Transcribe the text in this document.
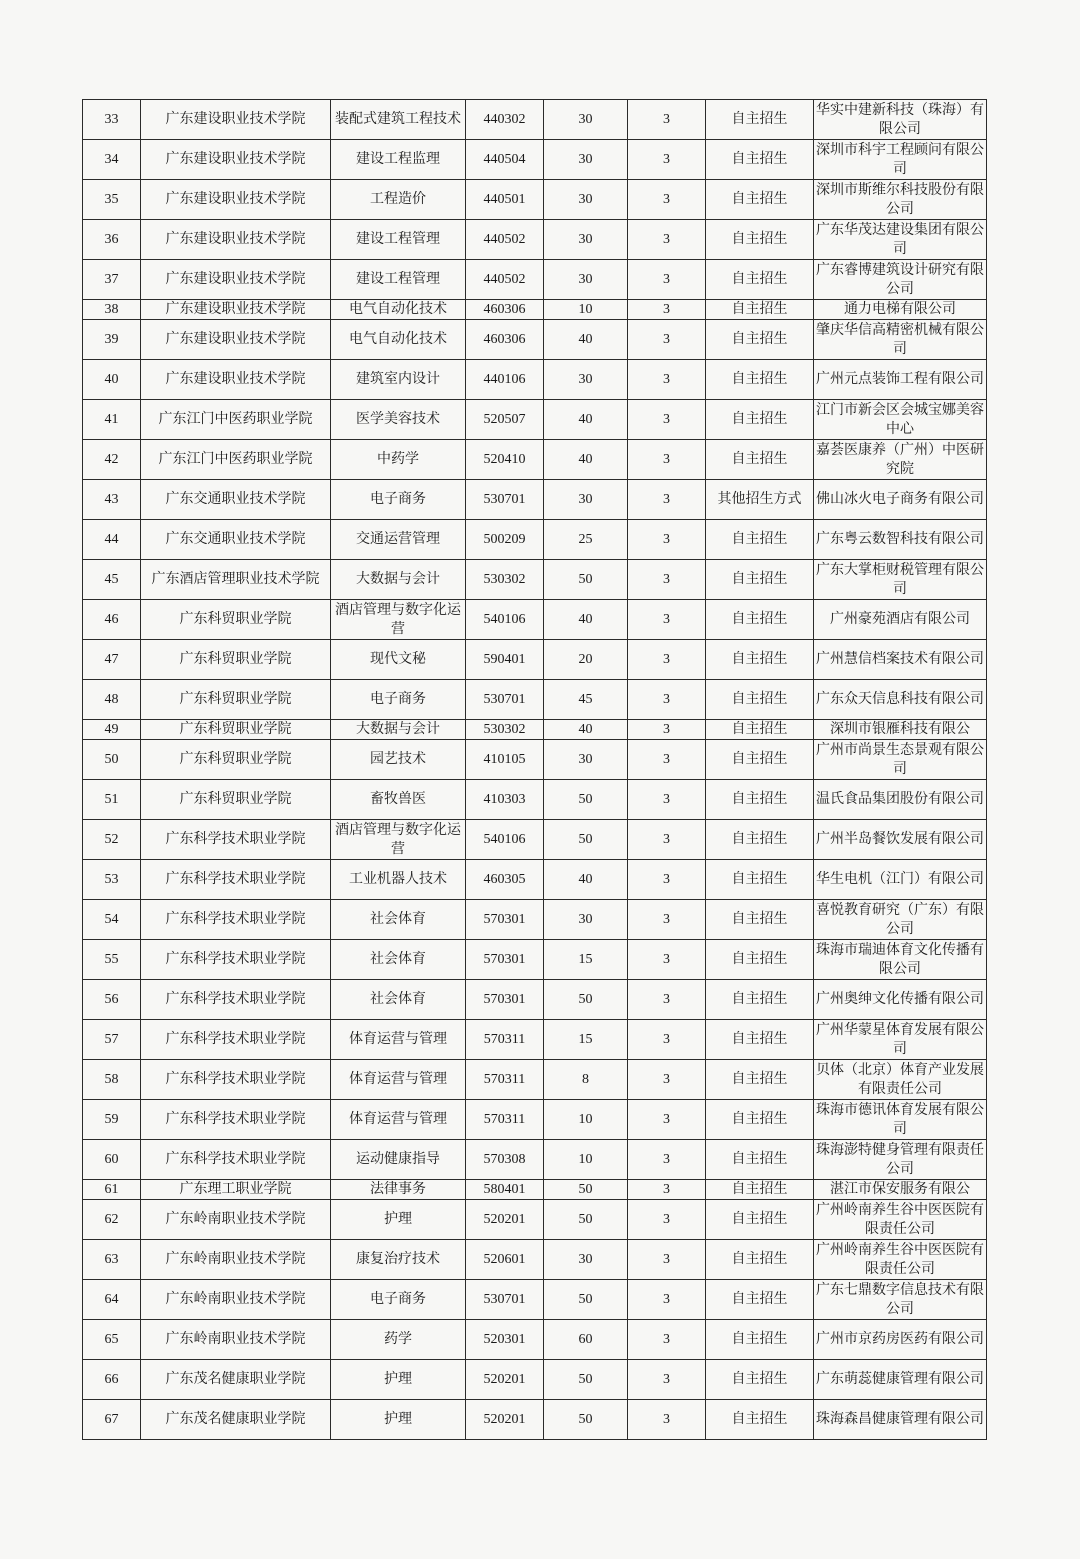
33	广东建设职业技术学院	装配式建筑工程技术	440302	30	3	自主招生	华实中建新科技（珠海）有限公司
34	广东建设职业技术学院	建设工程监理	440504	30	3	自主招生	深圳市科宇工程顾问有限公司
35	广东建设职业技术学院	工程造价	440501	30	3	自主招生	深圳市斯维尔科技股份有限公司
36	广东建设职业技术学院	建设工程管理	440502	30	3	自主招生	广东华茂达建设集团有限公司
37	广东建设职业技术学院	建设工程管理	440502	30	3	自主招生	广东睿博建筑设计研究有限公司
38	广东建设职业技术学院	电气自动化技术	460306	10	3	自主招生	通力电梯有限公司
39	广东建设职业技术学院	电气自动化技术	460306	40	3	自主招生	肇庆华信高精密机械有限公司
40	广东建设职业技术学院	建筑室内设计	440106	30	3	自主招生	广州元点装饰工程有限公司
41	广东江门中医药职业学院	医学美容技术	520507	40	3	自主招生	江门市新会区会城宝娜美容中心
42	广东江门中医药职业学院	中药学	520410	40	3	自主招生	嘉荟医康养（广州）中医研究院
43	广东交通职业技术学院	电子商务	530701	30	3	其他招生方式	佛山冰火电子商务有限公司
44	广东交通职业技术学院	交通运营管理	500209	25	3	自主招生	广东粤云数智科技有限公司
45	广东酒店管理职业技术学院	大数据与会计	530302	50	3	自主招生	广东大掌柜财税管理有限公司
46	广东科贸职业学院	酒店管理与数字化运营	540106	40	3	自主招生	广州豪苑酒店有限公司
47	广东科贸职业学院	现代文秘	590401	20	3	自主招生	广州慧信档案技术有限公司
48	广东科贸职业学院	电子商务	530701	45	3	自主招生	广东众天信息科技有限公司
49	广东科贸职业学院	大数据与会计	530302	40	3	自主招生	深圳市银雁科技有限公
50	广东科贸职业学院	园艺技术	410105	30	3	自主招生	广州市尚景生态景观有限公司
51	广东科贸职业学院	畜牧兽医	410303	50	3	自主招生	温氏食品集团股份有限公司
52	广东科学技术职业学院	酒店管理与数字化运营	540106	50	3	自主招生	广州半岛餐饮发展有限公司
53	广东科学技术职业学院	工业机器人技术	460305	40	3	自主招生	华生电机（江门）有限公司
54	广东科学技术职业学院	社会体育	570301	30	3	自主招生	喜悦教育研究（广东）有限公司
55	广东科学技术职业学院	社会体育	570301	15	3	自主招生	珠海市瑞迪体育文化传播有限公司
56	广东科学技术职业学院	社会体育	570301	50	3	自主招生	广州奥绅文化传播有限公司
57	广东科学技术职业学院	体育运营与管理	570311	15	3	自主招生	广州华蒙星体育发展有限公司
58	广东科学技术职业学院	体育运营与管理	570311	8	3	自主招生	贝体（北京）体育产业发展有限责任公司
59	广东科学技术职业学院	体育运营与管理	570311	10	3	自主招生	珠海市德讯体育发展有限公司
60	广东科学技术职业学院	运动健康指导	570308	10	3	自主招生	珠海澎特健身管理有限责任公司
61	广东理工职业学院	法律事务	580401	50	3	自主招生	湛江市保安服务有限公
62	广东岭南职业技术学院	护理	520201	50	3	自主招生	广州岭南养生谷中医医院有限责任公司
63	广东岭南职业技术学院	康复治疗技术	520601	30	3	自主招生	广州岭南养生谷中医医院有限责任公司
64	广东岭南职业技术学院	电子商务	530701	50	3	自主招生	广东七鼎数字信息技术有限公司
65	广东岭南职业技术学院	药学	520301	60	3	自主招生	广州市京药房医药有限公司
66	广东茂名健康职业学院	护理	520201	50	3	自主招生	广东萌蕊健康管理有限公司
67	广东茂名健康职业学院	护理	520201	50	3	自主招生	珠海森昌健康管理有限公司
